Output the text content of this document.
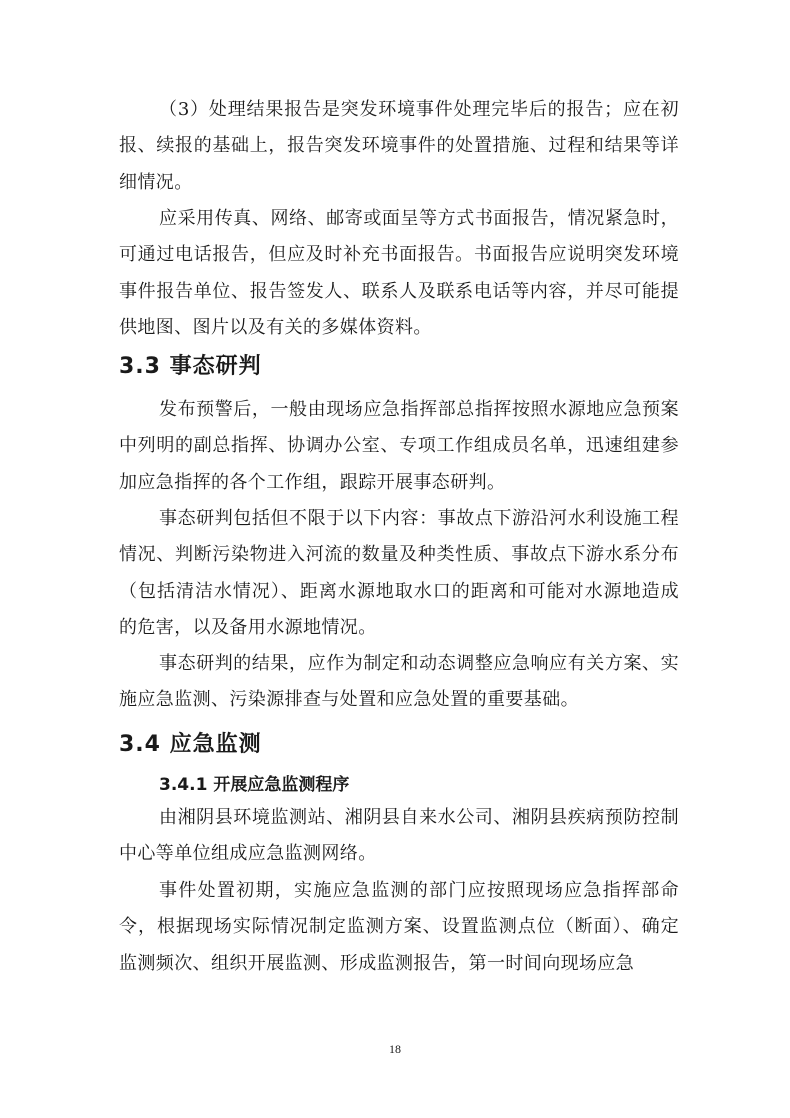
（3）处理结果报告是突发环境事件处理完毕后的报告；应在初报、续报的基础上，报告突发环境事件的处置措施、过程和结果等详细情况。

应采用传真、网络、邮寄或面呈等方式书面报告，情况紧急时，可通过电话报告，但应及时补充书面报告。书面报告应说明突发环境事件报告单位、报告签发人、联系人及联系电话等内容，并尽可能提供地图、图片以及有关的多媒体资料。

3.3 事态研判

发布预警后，一般由现场应急指挥部总指挥按照水源地应急预案中列明的副总指挥、协调办公室、专项工作组成员名单，迅速组建参加应急指挥的各个工作组，跟踪开展事态研判。

事态研判包括但不限于以下内容：事故点下游沿河水利设施工程情况、判断污染物进入河流的数量及种类性质、事故点下游水系分布（包括清洁水情况）、距离水源地取水口的距离和可能对水源地造成的危害，以及备用水源地情况。

事态研判的结果，应作为制定和动态调整应急响应有关方案、实施应急监测、污染源排查与处置和应急处置的重要基础。

3.4 应急监测
3.4.1 开展应急监测程序

由湘阴县环境监测站、湘阴县自来水公司、湘阴县疾病预防控制中心等单位组成应急监测网络。

事件处置初期，实施应急监测的部门应按照现场应急指挥部命令，根据现场实际情况制定监测方案、设置监测点位（断面）、确定监测频次、组织开展监测、形成监测报告，第一时间向现场应急

18
